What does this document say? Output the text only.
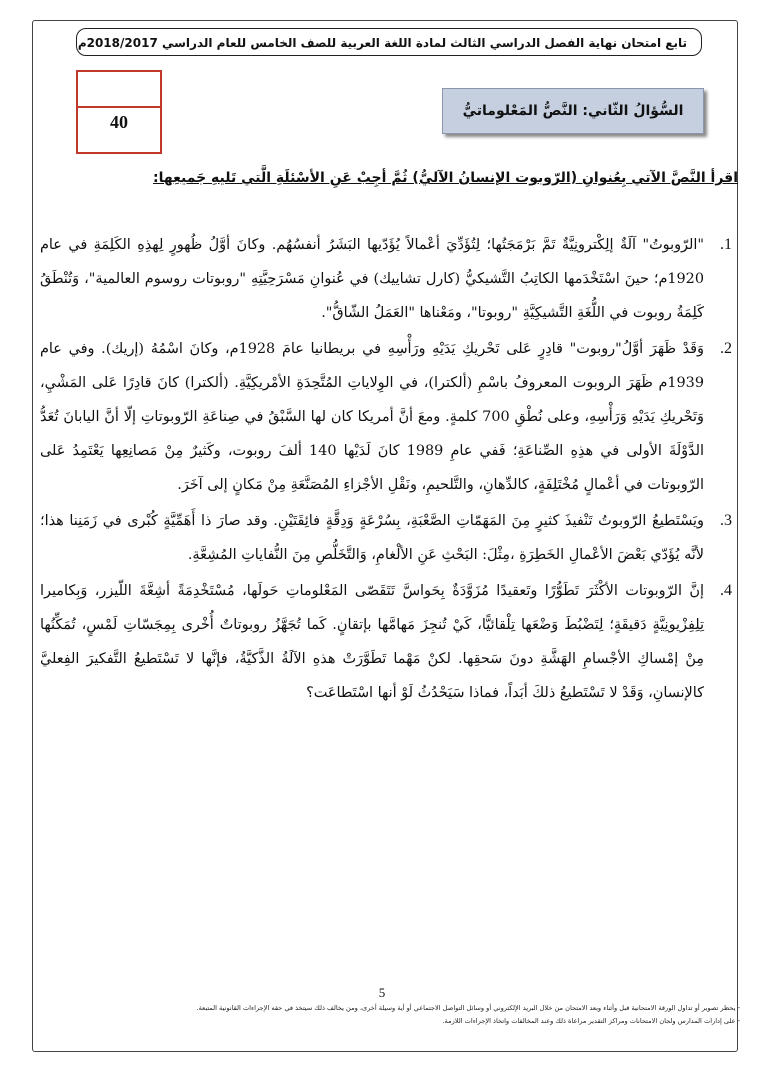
تابع امتحان نهاية الفصل الدراسي الثالث لمادة اللغة العربية للصف الخامس للعام الدراسي 2018/2017م
40
السُّؤالُ الثّاني: النَّصُّ المَعْلوماتيُّ
اقرأ النَّصَّ الآتي بِعُنوانِ (الرّوبوت الإنسانُ الآليُّ) ثُمَّ أجِبْ عَنِ الأسْئلَةِ الَّتي تَليهِ جَميعِها:
1.
"الرّوبوتُ" آلَةٌ إلِكْترونِيَّةٌ تَمَّ بَرْمَجَتُها؛ لِتُؤَدِّيَ أعْمالاً يُؤَدّيها البَشَرُ أنفسُهُم. وكانَ أوَّلُ ظُهورٍ لِهذِهِ الكَلِمَةِ في عام 1920م؛ حينَ اسْتَخْدَمها الكاتِبُ التَّشيكيُّ (كارل تشاييك) في عُنوانِ مَسْرَحِيَّتِهِ "روبوتات روسوم العالمية"، وَتُنْطَقُ كَلِمَةُ روبوت في اللُّغَةِ التَّشيكِيَّةِ "روبوتا"، ومَعْناها "العَمَلُ الشّاقُّ".
2.
وَقَدْ ظَهَرَ أوَّلُ"روبوت" قادِرٍ عَلى تَحْريكِ يَدَيْهِ ورَأْسِهِ في بريطانيا عامَ 1928م، وكانَ اسْمُهُ (إريك). وفي عام 1939م ظَهَرَ الروبوت المعروفُ باسْمِ (ألكترا)، في الوِلاياتِ المُتَّحِدَةِ الأمْريكِيَّةِ. (ألكترا) كانَ قادِرًا عَلى المَشْيِ، وَتَحْريكِ يَدَيْهِ وَرَأْسِهِ، وعلى نُطْقِ 700 كلمةٍ. ومعَ أنَّ أمريكا كان لها السَّبْقُ في صِناعَةِ الرّوبوتاتِ إلّا أنَّ اليابانَ تُعَدُّ الدَّوْلَةَ الأولى في هذِهِ الصِّناعَةِ؛ فَفي عامِ 1989 كانَ لَدَيْها 140 ألفَ روبوت، وكَثيرٌ مِنْ مَصانِعِها يَعْتَمِدُ عَلى الرّوبوتات في أعْمالٍ مُخْتَلِفَةٍ، كالدِّهانِ، والتَّلحيمِ، ونَقْلِ الأجْزاءِ المُصَنَّعَةِ مِنْ مَكانٍ إلى آخَرَ.
3.
ويَسْتَطيعُ الرّوبوتُ تَنْفيذَ كثيرٍ مِنَ المَهَمّاتِ الصَّعْبَةِ، بِسُرْعَةٍ وَدِقَّةٍ فائِقَتَيْنِ. وقد صارَ ذا أَهَمِّيَّةٍ كُبْرى في زَمَنِنا هذا؛ لأنَّه يُؤَدّي بَعْضَ الأعْمالِ الخَطِرَةِ ،مِثْلَ: البَحْثِ عَنِ الألْغامِ، وَالتَّخَلُّصِ مِنَ النُّفاياتِ المُشِعَّةِ.
4.
إنَّ الرّوبوتات الأكْثَرَ تَطَوُّرًا وتَعقيدًا مُزَوَّدَةٌ بِحَواسَّ تَتَقَصّى المَعْلوماتِ حَولَها، مُسْتَخْدِمَةً أشِعَّةَ اللّيزر، وَبِكاميرا تِلِفِزْيونِيَّةٍ دَقيقَةٍ؛ لِتَضْبُطَ وَضْعَها تِلْقائيًّا، كَيْ تُنجِزَ مَهامَّها بإتقانٍ. كَما تُجَهَّزُ روبوتاتٌ أُخْرى بِمِجَسّاتِ لَمْسٍ، تُمَكِّنُها مِنْ إمْساكِ الأجْسامِ الهَشَّةِ دونَ سَحقِها. لكنْ مَهْما تَطَوَّرَتْ هذهِ الآلَةُ الذَّكيَّةُ، فإنَّها لا تَسْتَطيعُ التَّفكيرَ الفِعليَّ كالإنسانِ، وَقَدْ لا تَسْتَطيعُ ذلكَ أبَداً، فماذا سَيَحْدُثُ لَوْ أنها اسْتَطاعَت؟
5
- يحظر تصوير أو تداول الورقة الامتحانية قبل وأثناء وبعد الامتحان من خلال البريد الإلكتروني أو وسائل التواصل الاجتماعي أو أية وسيلة أخرى، ومن يخالف ذلك سيتخذ في حقه الإجراءات القانونية المتبعة.
- على إدارات المدارس ولجان الامتحانات ومراكز التقدير مراعاة ذلك وعند المخالفات واتخاذ الإجراءات اللازمة.
